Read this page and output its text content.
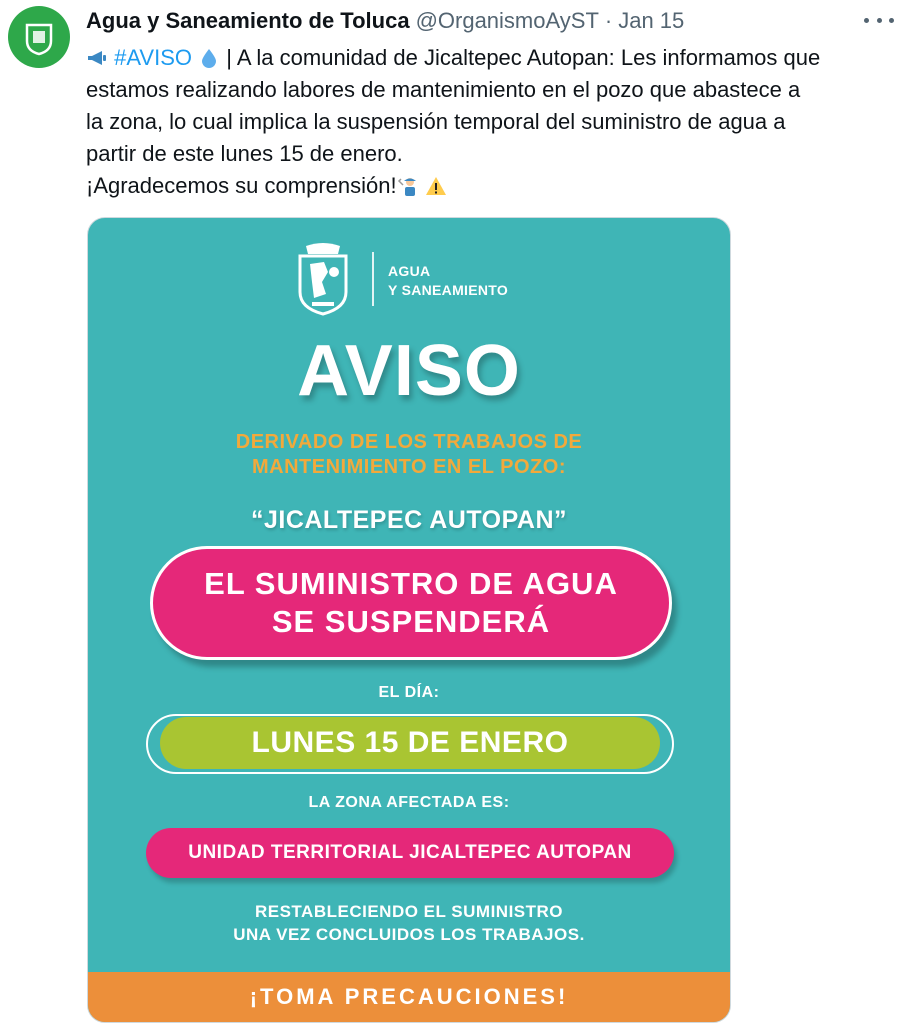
Agua y Saneamiento de Toluca @OrganismoAyST · Jan 15

#AVISO  | A la comunidad de Jicaltepec Autopan: Les informamos que

estamos realizando labores de mantenimiento en el pozo que abastece a

la zona, lo cual implica la suspensión temporal del suministro de agua a

partir de este lunes 15 de enero.

¡Agradecemos su comprensión!

AGUA
Y SANEAMIENTO
AVISO
DERIVADO DE LOS TRABAJOS DE
MANTENIMIENTO EN EL POZO:
“JICALTEPEC AUTOPAN”
EL SUMINISTRO DE AGUA
SE SUSPENDERÁ
EL DÍA:
LUNES 15 DE ENERO
LA ZONA AFECTADA ES:
UNIDAD TERRITORIAL JICALTEPEC AUTOPAN
RESTABLECIENDO EL SUMINISTRO
UNA VEZ CONCLUIDOS LOS TRABAJOS.
¡TOMA PRECAUCIONES!
